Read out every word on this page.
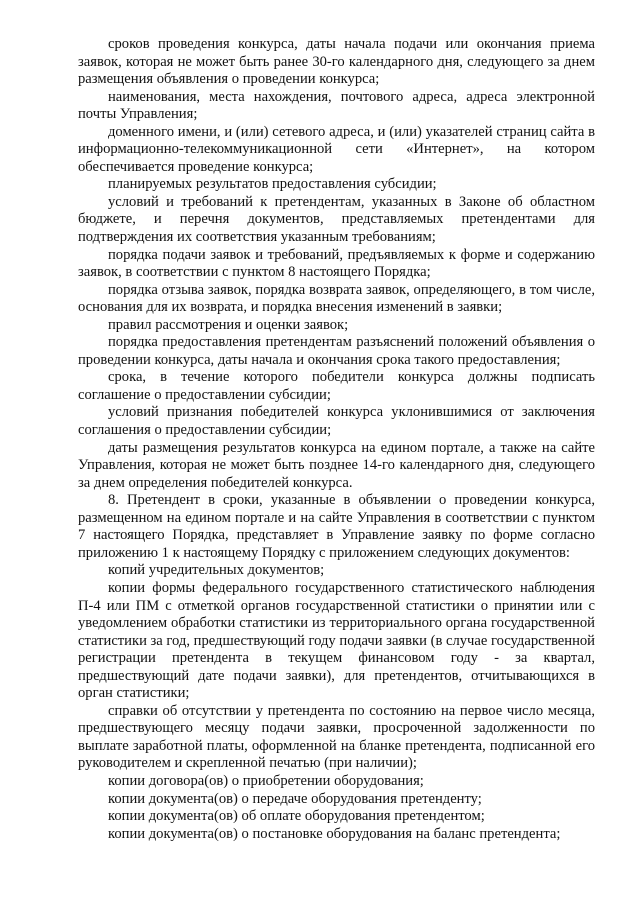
сроков проведения конкурса, даты начала подачи или окончания приема заявок, которая не может быть ранее 30-го календарного дня, следующего за днем размещения объявления о проведении конкурса;

наименования, места нахождения, почтового адреса, адреса электронной почты Управления;

доменного имени, и (или) сетевого адреса, и (или) указателей страниц сайта в информационно-телекоммуникационной сети «Интернет», на котором обеспечивается проведение конкурса;

планируемых результатов предоставления субсидии;

условий и требований к претендентам, указанных в Законе об областном бюджете, и перечня документов, представляемых претендентами для подтверждения их соответствия указанным требованиям;

порядка подачи заявок и требований, предъявляемых к форме и содержанию заявок, в соответствии с пунктом 8 настоящего Порядка;

порядка отзыва заявок, порядка возврата заявок, определяющего, в том числе, основания для их возврата, и порядка внесения изменений в заявки;

правил рассмотрения и оценки заявок;

порядка предоставления претендентам разъяснений положений объявления о проведении конкурса, даты начала и окончания срока такого предоставления;

срока, в течение которого победители конкурса должны подписать соглашение о предоставлении субсидии;

условий признания победителей конкурса уклонившимися от заключения соглашения о предоставлении субсидии;

даты размещения результатов конкурса на едином портале, а также на сайте Управления, которая не может быть позднее 14-го календарного дня, следующего за днем определения победителей конкурса.

8. Претендент в сроки, указанные в объявлении о проведении конкурса, размещенном на едином портале и на сайте Управления в соответствии с пунктом 7 настоящего Порядка, представляет в Управление заявку по форме согласно приложению 1 к настоящему Порядку с приложением следующих документов:

копий учредительных документов;

копии формы федерального государственного статистического наблюдения П-4 или ПМ с отметкой органов государственной статистики о принятии или с уведомлением обработки статистики из территориального органа государственной статистики за год, предшествующий году подачи заявки (в случае государственной регистрации претендента в текущем финансовом году - за квартал, предшествующий дате подачи заявки), для претендентов, отчитывающихся в орган статистики;

справки об отсутствии у претендента по состоянию на первое число месяца, предшествующего месяцу подачи заявки, просроченной задолженности по выплате заработной платы, оформленной на бланке претендента, подписанной его руководителем и скрепленной печатью (при наличии);

копии договора(ов) о приобретении оборудования;

копии документа(ов) о передаче оборудования претенденту;

копии документа(ов) об оплате оборудования претендентом;

копии документа(ов) о постановке оборудования на баланс претендента;
